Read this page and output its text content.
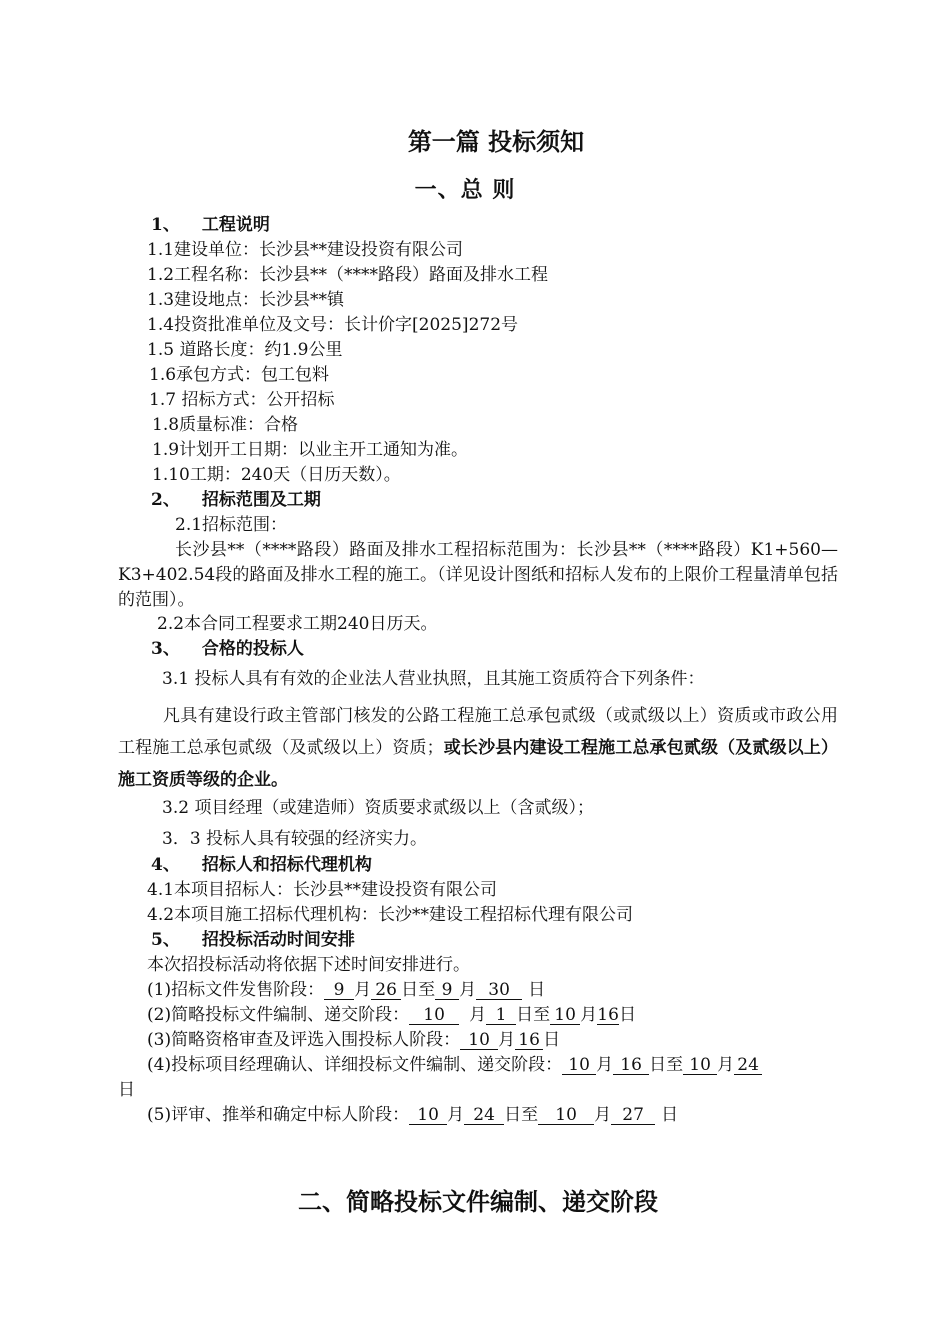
第一篇 投标须知
一、总 则
1、 工程说明
1.1建设单位：长沙县**建设投资有限公司
1.2工程名称：长沙县**（****路段）路面及排水工程
1.3建设地点：长沙县**镇
1.4投资批准单位及文号：长计价字[2025]272号
1.5 道路长度：约1.9公里
1.6承包方式：包工包料
1.7 招标方式：公开招标
1.8质量标准：合格
1.9计划开工日期：以业主开工通知为准。
1.10工期：240天（日历天数）。
2、 招标范围及工期
2.1招标范围：
长沙县**（****路段）路面及排水工程招标范围为：长沙县**（****路段）K1+560—K3+402.54段的路面及排水工程的施工。（详见设计图纸和招标人发布的上限价工程量清单包括的范围）。
2.2本合同工程要求工期240日历天。
3、 合格的投标人
3.1 投标人具有有效的企业法人营业执照，且其施工资质符合下列条件：
凡具有建设行政主管部门核发的公路工程施工总承包贰级（或贰级以上）资质或市政公用工程施工总承包贰级（及贰级以上）资质；或长沙县内建设工程施工总承包贰级（及贰级以上）施工资质等级的企业。
3.2 项目经理（或建造师）资质要求贰级以上（含贰级）；
3．3 投标人具有较强的经济实力。
4、 招标人和招标代理机构
4.1本项目招标人：长沙县**建设投资有限公司
4.2本项目施工招标代理机构：长沙**建设工程招标代理有限公司
5、 招投标活动时间安排
本次招投标活动将依据下述时间安排进行。
(1)招标文件发售阶段： 9 月 26 日至 9 月 30 日
(2)简略投标文件编制、递交阶段： 10 月 1 日至 10 月16日
(3)简略资格审查及评选入围投标人阶段： 10 月 16 日
(4)投标项目经理确认、详细投标文件编制、递交阶段： 10 月 16 日至 10 月 24
日
(5)评审、推举和确定中标人阶段： 10 月 24 日至 10 月 27 日
二、简略投标文件编制、递交阶段
